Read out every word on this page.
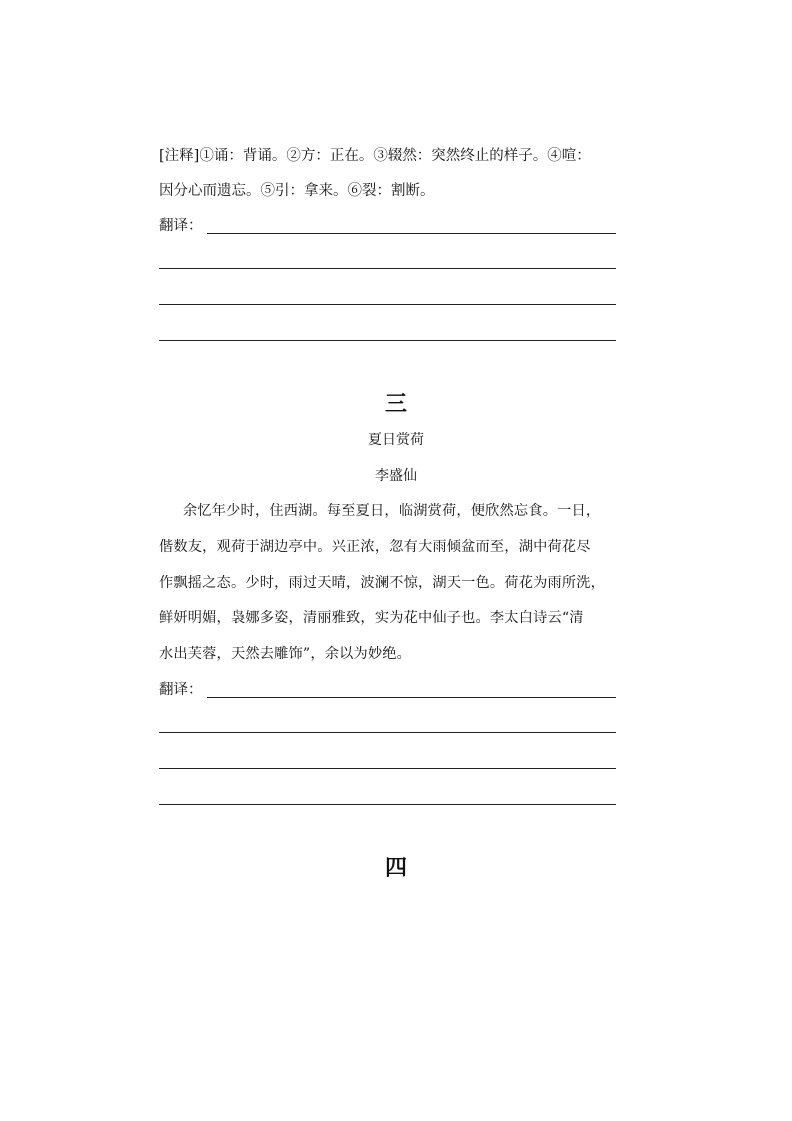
[注释]①诵：背诵。②方：正在。③辍然：突然终止的样子。④喧：
因分心而遗忘。⑤引：拿来。⑥裂：割断。
翻译：
三
夏日赏荷
李盛仙
余忆年少时，住西湖。每至夏日，临湖赏荷，便欣然忘食。一日，
偕数友，观荷于湖边亭中。兴正浓，忽有大雨倾盆而至，湖中荷花尽
作飘摇之态。少时，雨过天晴，波澜不惊，湖天一色。荷花为雨所洗，
鲜妍明媚，袅娜多姿，清丽雅致，实为花中仙子也。李太白诗云“清
水出芙蓉，天然去雕饰”，余以为妙绝。
翻译：
四
